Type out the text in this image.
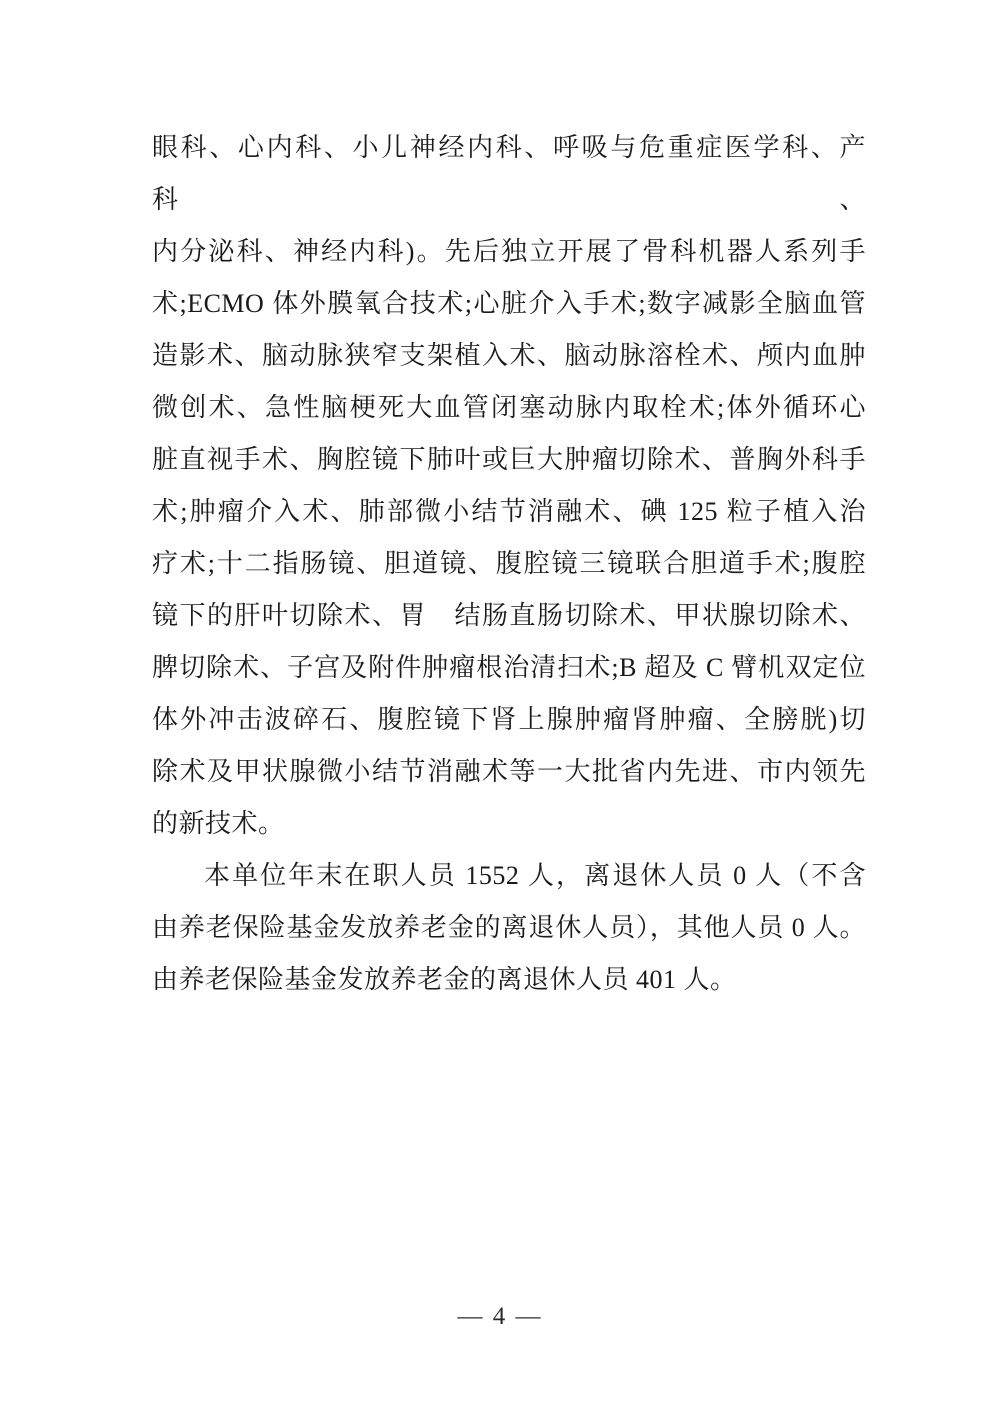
眼科、心内科、小儿神经内科、呼吸与危重症医学科、产科、
内分泌科、神经内科)。先后独立开展了骨科机器人系列手
术;ECMO 体外膜氧合技术;心脏介入手术;数字减影全脑血管
造影术、脑动脉狭窄支架植入术、脑动脉溶栓术、颅内血肿
微创术、急性脑梗死大血管闭塞动脉内取栓术;体外循环心
脏直视手术、胸腔镜下肺叶或巨大肿瘤切除术、普胸外科手
术;肿瘤介入术、肺部微小结节消融术、碘 125 粒子植入治
疗术;十二指肠镜、胆道镜、腹腔镜三镜联合胆道手术;腹腔
镜下的肝叶切除术、胃　结肠直肠切除术、甲状腺切除术、
脾切除术、子宫及附件肿瘤根治清扫术;B 超及 C 臂机双定位
体外冲击波碎石、腹腔镜下肾上腺肿瘤肾肿瘤、全膀胱)切
除术及甲状腺微小结节消融术等一大批省内先进、市内领先
的新技术。
本单位年末在职人员 1552 人，离退休人员 0 人（不含
由养老保险基金发放养老金的离退休人员），其他人员 0 人。
由养老保险基金发放养老金的离退休人员 401 人。
— 4 —
